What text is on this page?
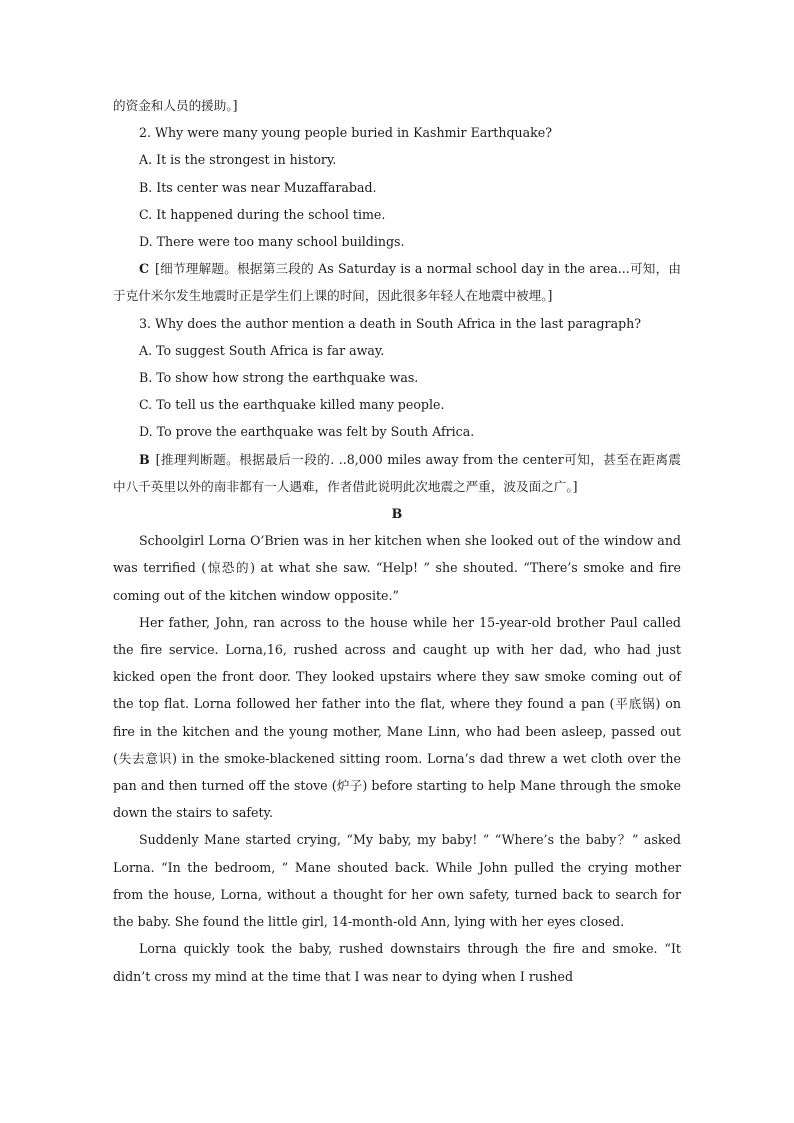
的资金和人员的援助。]

2. Why were many young people buried in Kashmir Earthquake?

A. It is the strongest in history.

B. Its center was near Muzaffarabad.

C. It happened during the school time.

D. There were too many school buildings.

C [细节理解题。根据第三段的 As Saturday is a normal school day in the area...可知，由于克什米尔发生地震时正是学生们上课的时间，因此很多年轻人在地震中被埋。]

3. Why does the author mention a death in South Africa in the last paragraph?

A. To suggest South Africa is far away.

B. To show how strong the earthquake was.

C. To tell us the earthquake killed many people.

D. To prove the earthquake was felt by South Africa.

B [推理判断题。根据最后一段的. ..8,000 miles away from the center可知，甚至在距离震中八千英里以外的南非都有一人遇难，作者借此说明此次地震之严重，波及面之广。]

B

Schoolgirl Lorna O’Brien was in her kitchen when she looked out of the window and was terrified (惊恐的) at what she saw. “Help! ” she shouted. “There’s smoke and fire coming out of the kitchen window opposite.”

Her father, John, ran across to the house while her 15-year-old brother Paul called the fire service. Lorna,16, rushed across and caught up with her dad, who had just kicked open the front door. They looked upstairs where they saw smoke coming out of the top flat. Lorna followed her father into the flat, where they found a pan (平底锅) on fire in the kitchen and the young mother, Mane Linn, who had been asleep, passed out (失去意识) in the smoke-blackened sitting room. Lorna’s dad threw a wet cloth over the pan and then turned off the stove (炉子) before starting to help Mane through the smoke down the stairs to safety.

Suddenly Mane started crying, “My baby, my baby! ” “Where’s the baby？” asked Lorna. “In the bedroom, ” Mane shouted back. While John pulled the crying mother from the house, Lorna, without a thought for her own safety, turned back to search for the baby. She found the little girl, 14-month-old Ann, lying with her eyes closed.

Lorna quickly took the baby, rushed downstairs through the fire and smoke. “It didn’t cross my mind at the time that I was near to dying when I rushed
